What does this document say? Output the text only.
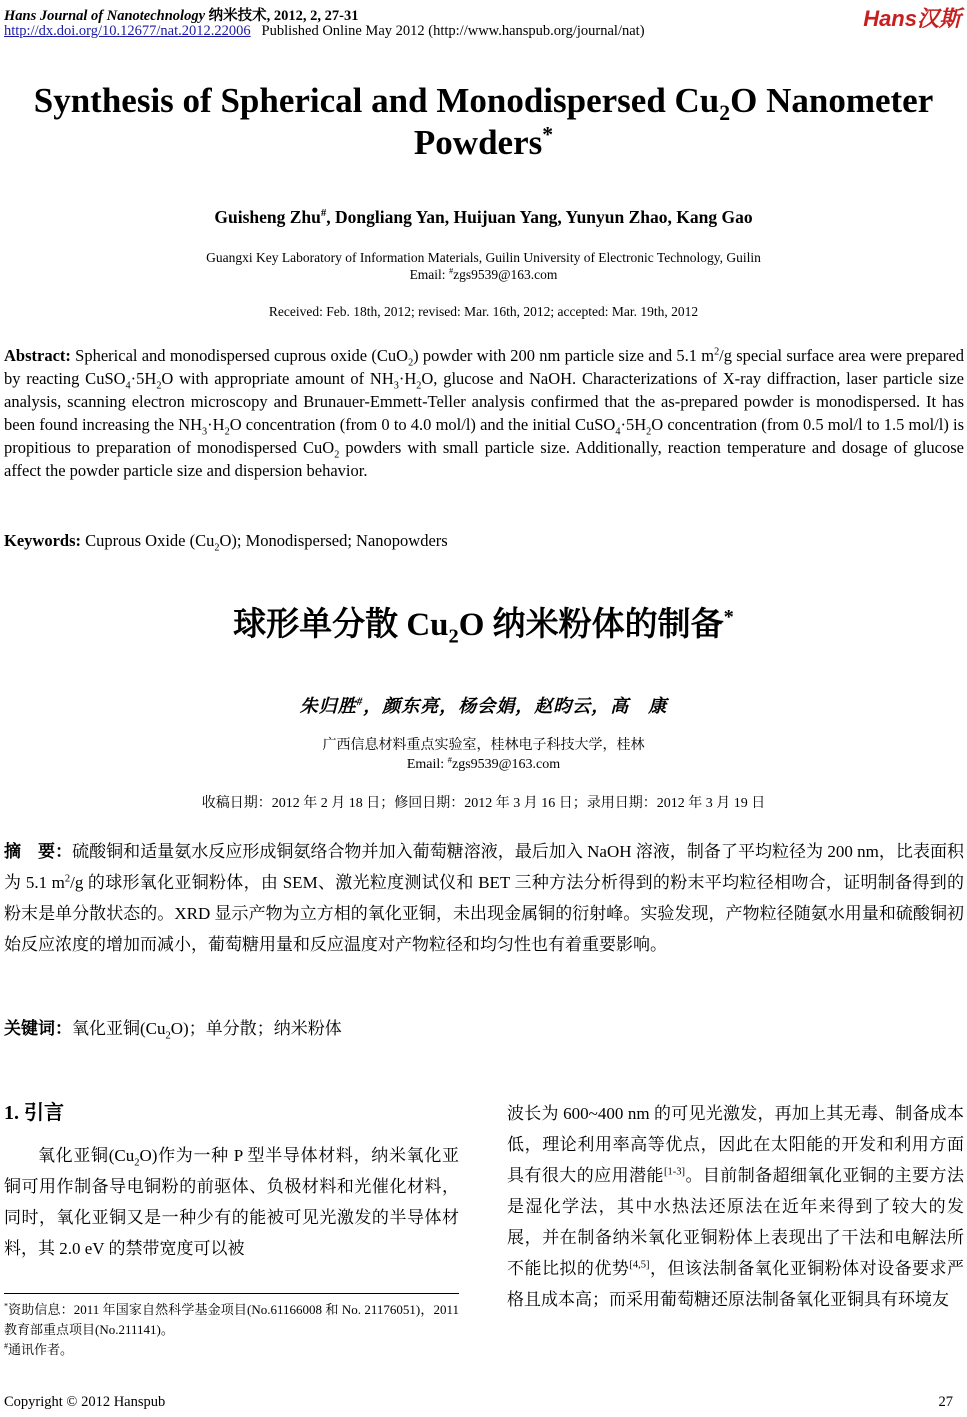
Hans Journal of Nanotechnology 纳米技术, 2012, 2, 27-31
http://dx.doi.org/10.12677/nat.2012.22006 Published Online May 2012 (http://www.hanspub.org/journal/nat)	Hans汉斯
Synthesis of Spherical and Monodispersed $Cu_2O$ Nanometer
Powders*
Guisheng Zhu#, Dongliang Yan, Huijuan Yang, Yunyun Zhao, Kang Gao
Guangxi Key Laboratory of Information Materials, Guilin University of Electronic Technology, Guilin
Email: #zgs9539@163.com
Received: Feb. 18th, 2012; revised: Mar. 16th, 2012; accepted: Mar. 19th, 2012
Abstract: Spherical and monodispersed cuprous oxide (CuO$_2$) powder with 200 nm particle size and 5.1 $m^2/g$ special surface area were prepared by reacting $CuSO_4\cdot 5H_2O$ with appropriate amount of $NH_3\cdot H_2O$, glucose and NaOH. Characterizations of X-ray diffraction, laser particle size analysis, scanning electron microscopy and Brunauer-Emmett-Teller analysis confirmed that the as-prepared powder is monodispersed. It has been found increasing the $NH_3\cdot H_2O$ concentration (from 0 to 4.0 mol/l) and the initial $CuSO_4\cdot 5H_2O$ concentration (from 0.5 mol/l to 1.5 mol/l) is propitious to preparation of monodispersed CuO$_2$ powders with small particle size. Additionally, reaction temperature and dosage of glucose affect the powder particle size and dispersion behavior.
Keywords: Cuprous Oxide $(Cu_2O)$; Monodispersed; Nanopowders
球形单分散 $Cu_2O$ 纳米粉体的制备*
朱归胜#，颜东亮，杨会娟，赵昀云，高　康
广西信息材料重点实验室，桂林电子科技大学，桂林
Email: #zgs9539@163.com
收稿日期：2012 年 2 月 18 日；修回日期：2012 年 3 月 16 日；录用日期：2012 年 3 月 19 日
摘　要：硫酸铜和适量氨水反应形成铜氨络合物并加入葡萄糖溶液，最后加入 NaOH 溶液，制备了平均粒径为 200 nm，比表面积为 5.1 $m^2/g$ 的球形氧化亚铜粉体，由 SEM、激光粒度测试仪和 BET 三种方法分析得到的粉末平均粒径相吻合，证明制备得到的粉末是单分散状态的。XRD 显示产物为立方相的氧化亚铜，未出现金属铜的衍射峰。实验发现，产物粒径随氨水用量和硫酸铜初始反应浓度的增加而减小，葡萄糖用量和反应温度对产物粒径和均匀性也有着重要影响。
关键词：氧化亚铜$(Cu_2O)$；单分散；纳米粉体
1. 引言
氧化亚铜$(Cu_2O)$作为一种 P 型半导体材料，纳米氧化亚铜可用作制备导电铜粉的前驱体、负极材料和光催化材料，同时，氧化亚铜又是一种少有的能被可见光激发的半导体材料，其 2.0 eV 的禁带宽度可以被
波长为 600~400 nm 的可见光激发，再加上其无毒、制备成本低，理论利用率高等优点，因此在太阳能的开发和利用方面具有很大的应用潜能[1-3]。目前制备超细氧化亚铜的主要方法是湿化学法，其中水热法还原法在近年来得到了较大的发展，并在制备纳米氧化亚铜粉体上表现出了干法和电解法所不能比拟的优势[4,5]，但该法制备氧化亚铜粉体对设备要求严格且成本高；而采用葡萄糖还原法制备氧化亚铜具有环境友
*资助信息：2011 年国家自然科学基金项目(No.61166008 和 No. 21176051)，2011 教育部重点项目(No.211141)。
#通讯作者。
Copyright © 2012 Hanspub	27
